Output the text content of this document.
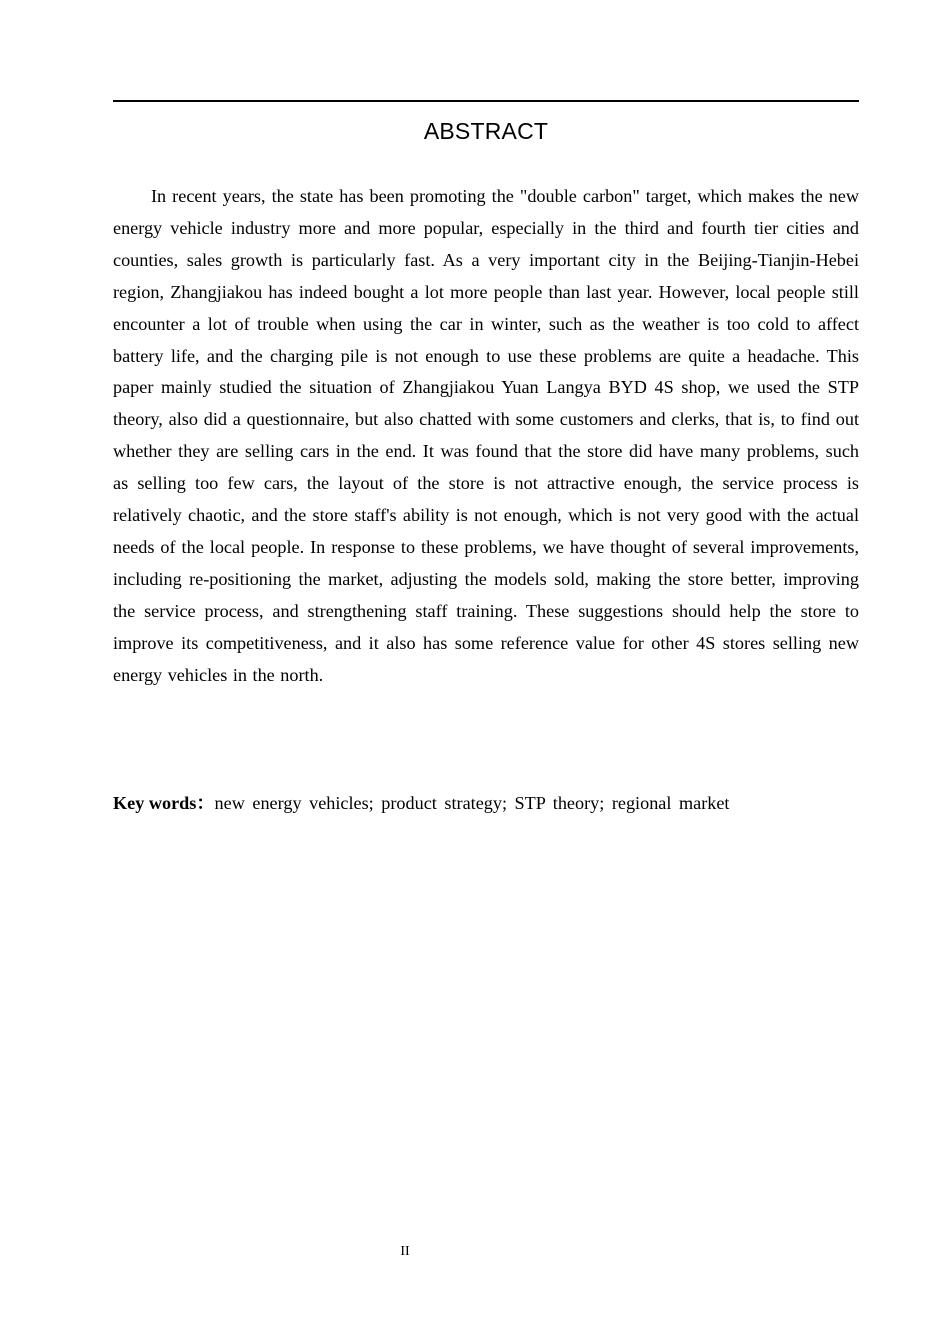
ABSTRACT

In recent years, the state has been promoting the "double carbon" target, which makes the new energy vehicle industry more and more popular, especially in the third and fourth tier cities and counties, sales growth is particularly fast. As a very important city in the Beijing-Tianjin-Hebei region, Zhangjiakou has indeed bought a lot more people than last year. However, local people still encounter a lot of trouble when using the car in winter, such as the weather is too cold to affect battery life, and the charging pile is not enough to use these problems are quite a headache. This paper mainly studied the situation of Zhangjiakou Yuan Langya BYD 4S shop, we used the STP theory, also did a questionnaire, but also chatted with some customers and clerks, that is, to find out whether they are selling cars in the end. It was found that the store did have many problems, such as selling too few cars, the layout of the store is not attractive enough, the service process is relatively chaotic, and the store staff's ability is not enough, which is not very good with the actual needs of the local people. In response to these problems, we have thought of several improvements, including re-positioning the market, adjusting the models sold, making the store better, improving the service process, and strengthening staff training. These suggestions should help the store to improve its competitiveness, and it also has some reference value for other 4S stores selling new energy vehicles in the north.

Key words：new energy vehicles; product strategy; STP theory; regional market

II
